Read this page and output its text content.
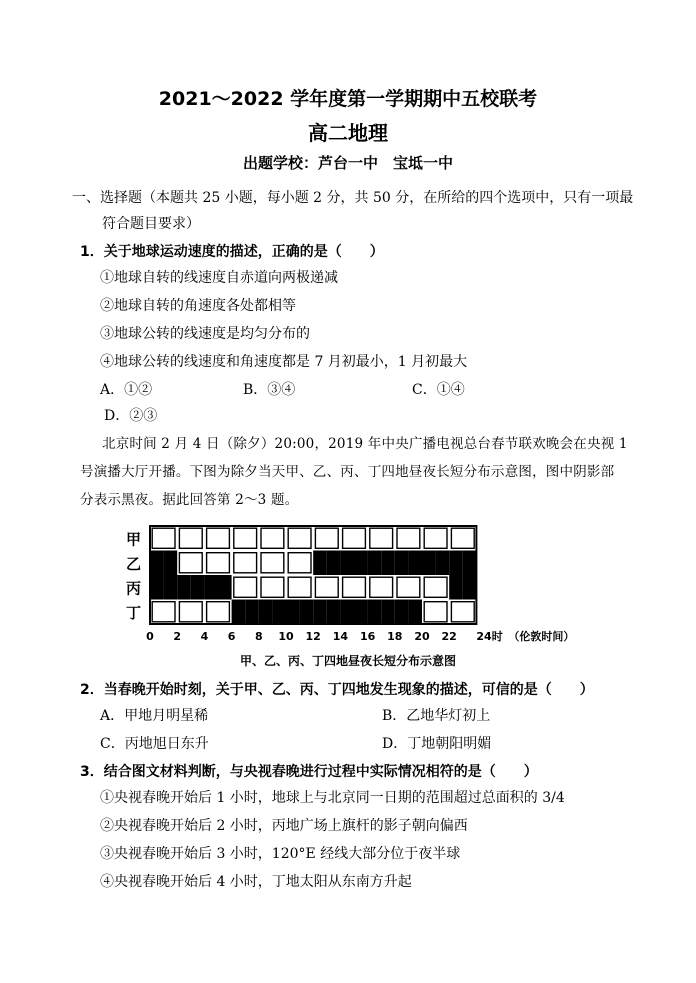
2021～2022 学年度第一学期期中五校联考
高二地理
出题学校：芦台一中　宝坻一中
一、选择题（本题共 25 小题，每小题 2 分，共 50 分，在所给的四个选项中，只有一项最
符合题目要求）
1．关于地球运动速度的描述，正确的是（　　）
①地球自转的线速度自赤道向两极递减
②地球自转的角速度各处都相等
③地球公转的线速度是均匀分布的
④地球公转的线速度和角速度都是 7 月初最小，1 月初最大
A．①②	B．③④	C．①④
D．②③
北京时间 2 月 4 日（除夕）20:00，2019 年中央广播电视总台春节联欢晚会在央视 1
号演播大厅开播。下图为除夕当天甲、乙、丙、丁四地昼夜长短分布示意图，图中阴影部
分表示黑夜。据此回答第 2～3 题。
甲
乙
丙
丁
0 2 4 6 8 10 12 14 16 18 20 22 24时 （伦敦时间）
甲、乙、丙、丁四地昼夜长短分布示意图
2．当春晚开始时刻，关于甲、乙、丙、丁四地发生现象的描述，可信的是（　　）
A．甲地月明星稀	B．乙地华灯初上
C．丙地旭日东升	D．丁地朝阳明媚
3．结合图文材料判断，与央视春晚进行过程中实际情况相符的是（　　）
①央视春晚开始后 1 小时，地球上与北京同一日期的范围超过总面积的 3/4
②央视春晚开始后 2 小时，丙地广场上旗杆的影子朝向偏西
③央视春晚开始后 3 小时，120°E 经线大部分位于夜半球
④央视春晚开始后 4 小时，丁地太阳从东南方升起
